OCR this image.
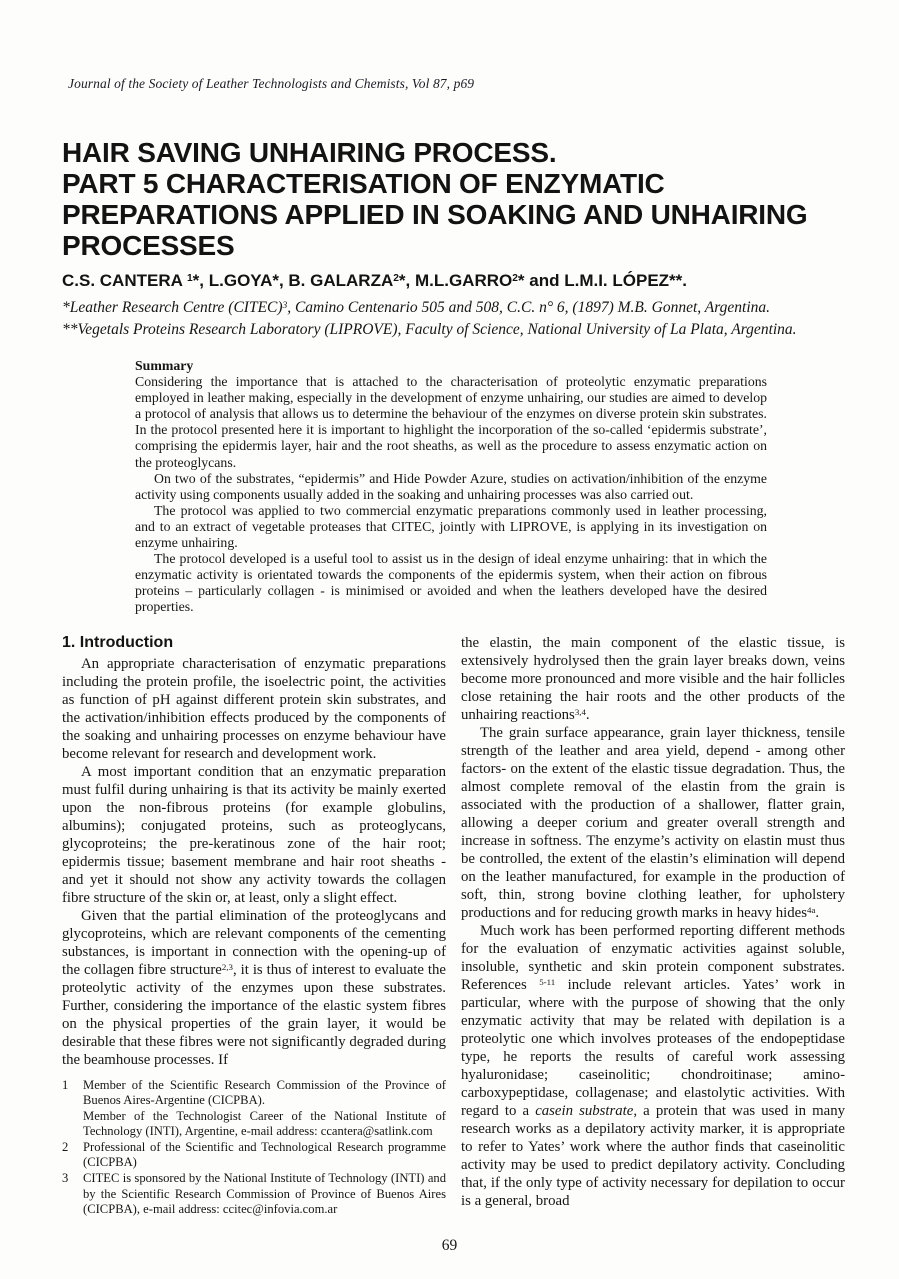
Journal of the Society of Leather Technologists and Chemists, Vol 87, p69
HAIR SAVING UNHAIRING PROCESS.
PART 5 CHARACTERISATION OF ENZYMATIC
PREPARATIONS APPLIED IN SOAKING AND UNHAIRING
PROCESSES
C.S. CANTERA $^1$*, L.GOYA*, B. GALARZA$^2$*, M.L.GARRO$^2$* and L.M.I. LÓPEZ**.
*Leather Research Centre (CITEC)$^3$, Camino Centenario 505 and 508, C.C. n° 6, (1897) M.B. Gonnet, Argentina.
**Vegetals Proteins Research Laboratory (LIPROVE), Faculty of Science, National University of La Plata, Argentina.
Summary

Considering the importance that is attached to the characterisation of proteolytic enzymatic preparations employed in leather making, especially in the development of enzyme unhairing, our studies are aimed to develop a protocol of analysis that allows us to determine the behaviour of the enzymes on diverse protein skin substrates. In the protocol presented here it is important to highlight the incorporation of the so-called ‘epidermis substrate’, comprising the epidermis layer, hair and the root sheaths, as well as the procedure to assess enzymatic action on the proteoglycans.

On two of the substrates, “epidermis” and Hide Powder Azure, studies on activation/inhibition of the enzyme activity using components usually added in the soaking and unhairing processes was also carried out.

The protocol was applied to two commercial enzymatic preparations commonly used in leather processing, and to an extract of vegetable proteases that CITEC, jointly with LIPROVE, is applying in its investigation on enzyme unhairing.

The protocol developed is a useful tool to assist us in the design of ideal enzyme unhairing: that in which the enzymatic activity is orientated towards the components of the epidermis system, when their action on fibrous proteins – particularly collagen - is minimised or avoided and when the leathers developed have the desired properties.

1. Introduction

An appropriate characterisation of enzymatic preparations including the protein profile, the isoelectric point, the activities as function of pH against different protein skin substrates, and the activation/inhibition effects produced by the components of the soaking and unhairing processes on enzyme behaviour have become relevant for research and development work.

A most important condition that an enzymatic preparation must fulfil during unhairing is that its activity be mainly exerted upon the non-fibrous proteins (for example globulins, albumins); conjugated proteins, such as proteoglycans, glycoproteins; the pre-keratinous zone of the hair root; epidermis tissue; basement membrane and hair root sheaths - and yet it should not show any activity towards the collagen fibre structure of the skin or, at least, only a slight effect.

Given that the partial elimination of the proteoglycans and glycoproteins, which are relevant components of the cementing substances, is important in connection with the opening-up of the collagen fibre structure$^{2,3}$, it is thus of interest to evaluate the proteolytic activity of the enzymes upon these substrates. Further, considering the importance of the elastic system fibres on the physical properties of the grain layer, it would be desirable that these fibres were not significantly degraded during the beamhouse processes. If

1	Member of the Scientific Research Commission of the Province of Buenos Aires-Argentine (CICPBA).

Member of the Technologist Career of the National Institute of Technology (INTI), Argentine, e-mail address: ccantera@satlink.com

2	Professional of the Scientific and Technological Research programme (CICPBA)

3	CITEC is sponsored by the National Institute of Technology (INTI) and by the Scientific Research Commission of Province of Buenos Aires (CICPBA), e-mail address: ccitec@infovia.com.ar

the elastin, the main component of the elastic tissue, is extensively hydrolysed then the grain layer breaks down, veins become more pronounced and more visible and the hair follicles close retaining the hair roots and the other products of the unhairing reactions$^{3,4}$.

The grain surface appearance, grain layer thickness, tensile strength of the leather and area yield, depend - among other factors- on the extent of the elastic tissue degradation. Thus, the almost complete removal of the elastin from the grain is associated with the production of a shallower, flatter grain, allowing a deeper corium and greater overall strength and increase in softness. The enzyme’s activity on elastin must thus be controlled, the extent of the elastin’s elimination will depend on the leather manufactured, for example in the production of soft, thin, strong bovine clothing leather, for upholstery productions and for reducing growth marks in heavy hides$^{4a}$.

Much work has been performed reporting different methods for the evaluation of enzymatic activities against soluble, insoluble, synthetic and skin protein component substrates. References $^{5-11}$ include relevant articles. Yates’ work in particular, where with the purpose of showing that the only enzymatic activity that may be related with depilation is a proteolytic one which involves proteases of the endopeptidase type, he reports the results of careful work assessing hyaluronidase; caseinolitic; chondroitinase; amino-carboxypeptidase, collagenase; and elastolytic activities. With regard to a casein substrate, a protein that was used in many research works as a depilatory activity marker, it is appropriate to refer to Yates’ work where the author finds that caseinolitic activity may be used to predict depilatory activity. Concluding that, if the only type of activity necessary for depilation to occur is a general, broad

69
